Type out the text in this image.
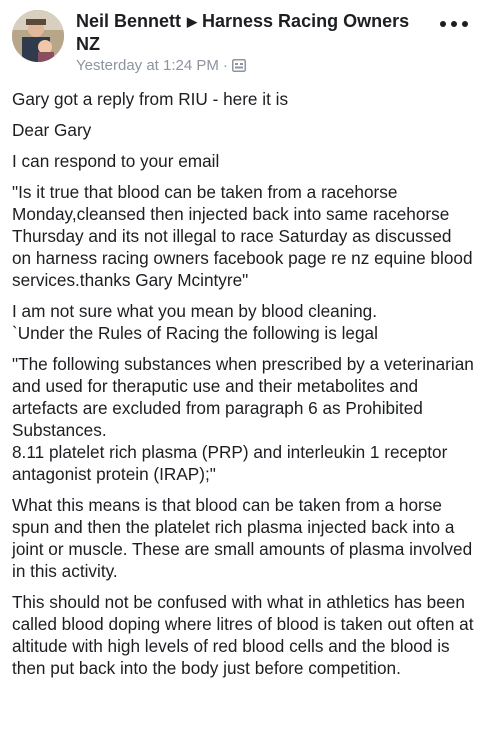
Neil Bennett ▶ Harness Racing Owners NZ
Yesterday at 1:24 PM ·

Gary got a reply from RIU - here it is

Dear Gary

I can respond to your email

"Is it true that blood can be taken from a racehorse Monday,cleansed then injected back into same racehorse Thursday and its not illegal to race Saturday as discussed on harness racing owners facebook page re nz equine blood services.thanks Gary Mcintyre"

I am not sure what you mean by blood cleaning.
`Under the Rules of Racing the following is legal

"The following substances when prescribed by a veterinarian and used for theraputic use and their metabolites and artefacts are excluded from paragraph 6 as Prohibited Substances.
8.11 platelet rich plasma (PRP) and interleukin 1 receptor antagonist protein (IRAP);"

What this means is that blood can be taken from a horse spun and then the platelet rich plasma injected back into a joint or muscle. These are small amounts of plasma involved in this activity.

This should not be confused with what in athletics has been called blood doping where litres of blood is taken out often at altitude with high levels of red blood cells and the blood is then put back into the body just before competition.
